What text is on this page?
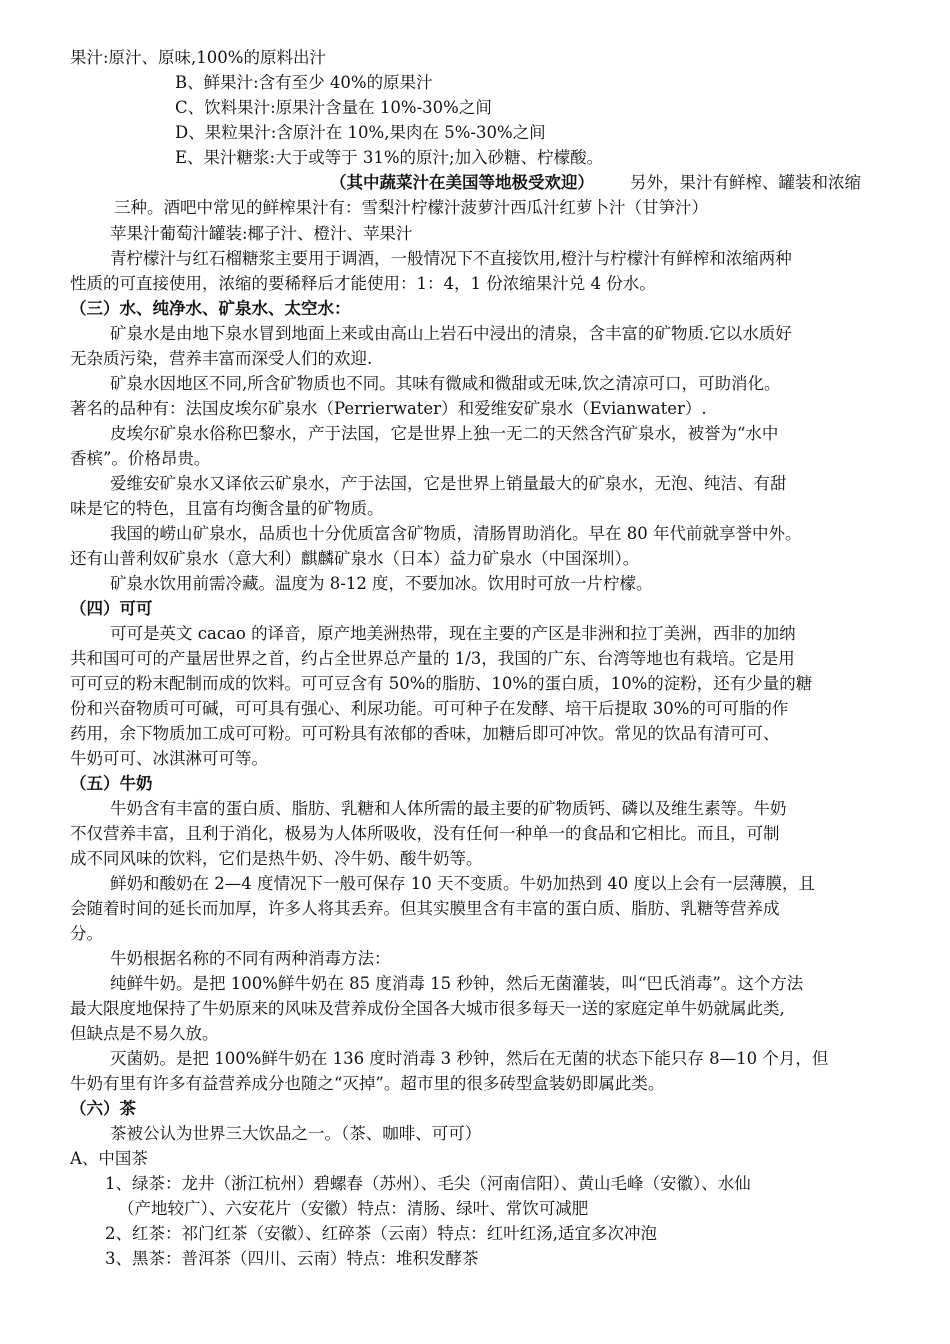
果汁:原汁、原味,100%的原料出汁
B、鲜果汁:含有至少 40%的原果汁
C、饮料果汁:原果汁含量在 10%-30%之间
D、果粒果汁:含原汁在 10%,果肉在 5%-30%之间
E、果汁糖浆:大于或等于 31%的原汁;加入砂糖、柠檬酸。
（其中蔬菜汁在美国等地极受欢迎）	另外，果汁有鲜榨、罐装和浓缩
三种。酒吧中常见的鲜榨果汁有：雪梨汁柠檬汁菠萝汁西瓜汁红萝卜汁（甘笋汁）
苹果汁葡萄汁罐装:椰子汁、橙汁、苹果汁
青柠檬汁与红石榴糖浆主要用于调酒，一般情况下不直接饮用,橙汁与柠檬汁有鲜榨和浓缩两种
性质的可直接使用，浓缩的要稀释后才能使用：1：4，1 份浓缩果汁兑 4 份水。
（三）水、纯净水、矿泉水、太空水：
矿泉水是由地下泉水冒到地面上来或由高山上岩石中浸出的清泉，含丰富的矿物质.它以水质好
无杂质污染，营养丰富而深受人们的欢迎.
矿泉水因地区不同,所含矿物质也不同。其味有微咸和微甜或无味,饮之清凉可口，可助消化。
著名的品种有：法国皮埃尔矿泉水（Perrierwater）和爱维安矿泉水（Evianwater）.
皮埃尔矿泉水俗称巴黎水，产于法国，它是世界上独一无二的天然含汽矿泉水，被誉为“水中
香槟”。价格昂贵。
爱维安矿泉水又译依云矿泉水，产于法国，它是世界上销量最大的矿泉水，无泡、纯洁、有甜
味是它的特色，且富有均衡含量的矿物质。
我国的崂山矿泉水，品质也十分优质富含矿物质，清肠胃助消化。早在 80 年代前就享誉中外。
还有山普利奴矿泉水（意大利）麒麟矿泉水（日本）益力矿泉水（中国深圳）。
矿泉水饮用前需冷藏。温度为 8-12 度，不要加冰。饮用时可放一片柠檬。
（四）可可
可可是英文 cacao 的译音，原产地美洲热带，现在主要的产区是非洲和拉丁美洲，西非的加纳
共和国可可的产量居世界之首，约占全世界总产量的 1/3，我国的广东、台湾等地也有栽培。它是用
可可豆的粉末配制而成的饮料。可可豆含有 50%的脂肪、10%的蛋白质，10%的淀粉，还有少量的糖
份和兴奋物质可可碱，可可具有强心、利尿功能。可可种子在发酵、培干后提取 30%的可可脂的作
药用，余下物质加工成可可粉。可可粉具有浓郁的香味，加糖后即可冲饮。常见的饮品有清可可、
牛奶可可、冰淇淋可可等。
（五）牛奶
牛奶含有丰富的蛋白质、脂肪、乳糖和人体所需的最主要的矿物质钙、磷以及维生素等。牛奶
不仅营养丰富，且利于消化，极易为人体所吸收，没有任何一种单一的食品和它相比。而且，可制
成不同风味的饮料，它们是热牛奶、冷牛奶、酸牛奶等。
鲜奶和酸奶在 2—4 度情况下一般可保存 10 天不变质。牛奶加热到 40 度以上会有一层薄膜，且
会随着时间的延长而加厚，许多人将其丢弃。但其实膜里含有丰富的蛋白质、脂肪、乳糖等营养成
分。
牛奶根据名称的不同有两种消毒方法：
纯鲜牛奶。是把 100%鲜牛奶在 85 度消毒 15 秒钟，然后无菌灌装，叫“巴氏消毒”。这个方法
最大限度地保持了牛奶原来的风味及营养成份全国各大城市很多每天一送的家庭定单牛奶就属此类,
但缺点是不易久放。
灭菌奶。是把 100%鲜牛奶在 136 度时消毒 3 秒钟，然后在无菌的状态下能只存 8—10 个月，但
牛奶有里有许多有益营养成分也随之“灭掉”。超市里的很多砖型盒装奶即属此类。
（六）茶
茶被公认为世界三大饮品之一。（茶、咖啡、可可）
A、中国茶
1、绿茶：龙井（浙江杭州）碧螺春（苏州）、毛尖（河南信阳）、黄山毛峰（安徽）、水仙
（产地较广）、六安花片（安徽）特点：清肠、绿叶、常饮可减肥
2、红茶：祁门红茶（安徽）、红碎茶（云南）特点：红叶红汤,适宜多次冲泡
3、黑茶：普洱茶（四川、云南）特点：堆积发酵茶
